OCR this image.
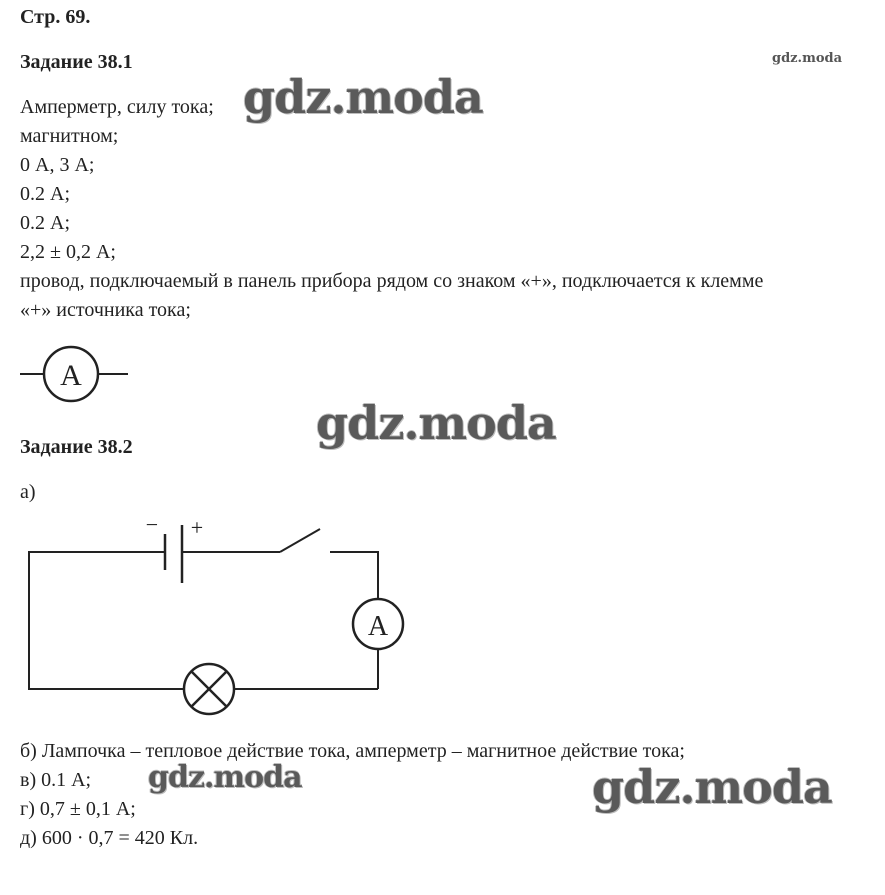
Стр. 69.
gdz.moda
Задание 38.1
Амперметр, силу тока;
магнитном;
0 А, 3 А;
0.2 А;
0.2 А;
2,2 ± 0,2 А;
провод, подключаемый в панель прибора рядом со знаком «+», подключается к клемме
«+» источника тока;
A
Задание 38.2
а)
− +
A
б) Лампочка – тепловое действие тока, амперметр – магнитное действие тока;
в) 0.1 А;
г) 0,7 ± 0,1 А;
д) 600 · 0,7 = 420 Кл.
gdz.moda
gdz.moda
gdz.moda	gdz.moda
